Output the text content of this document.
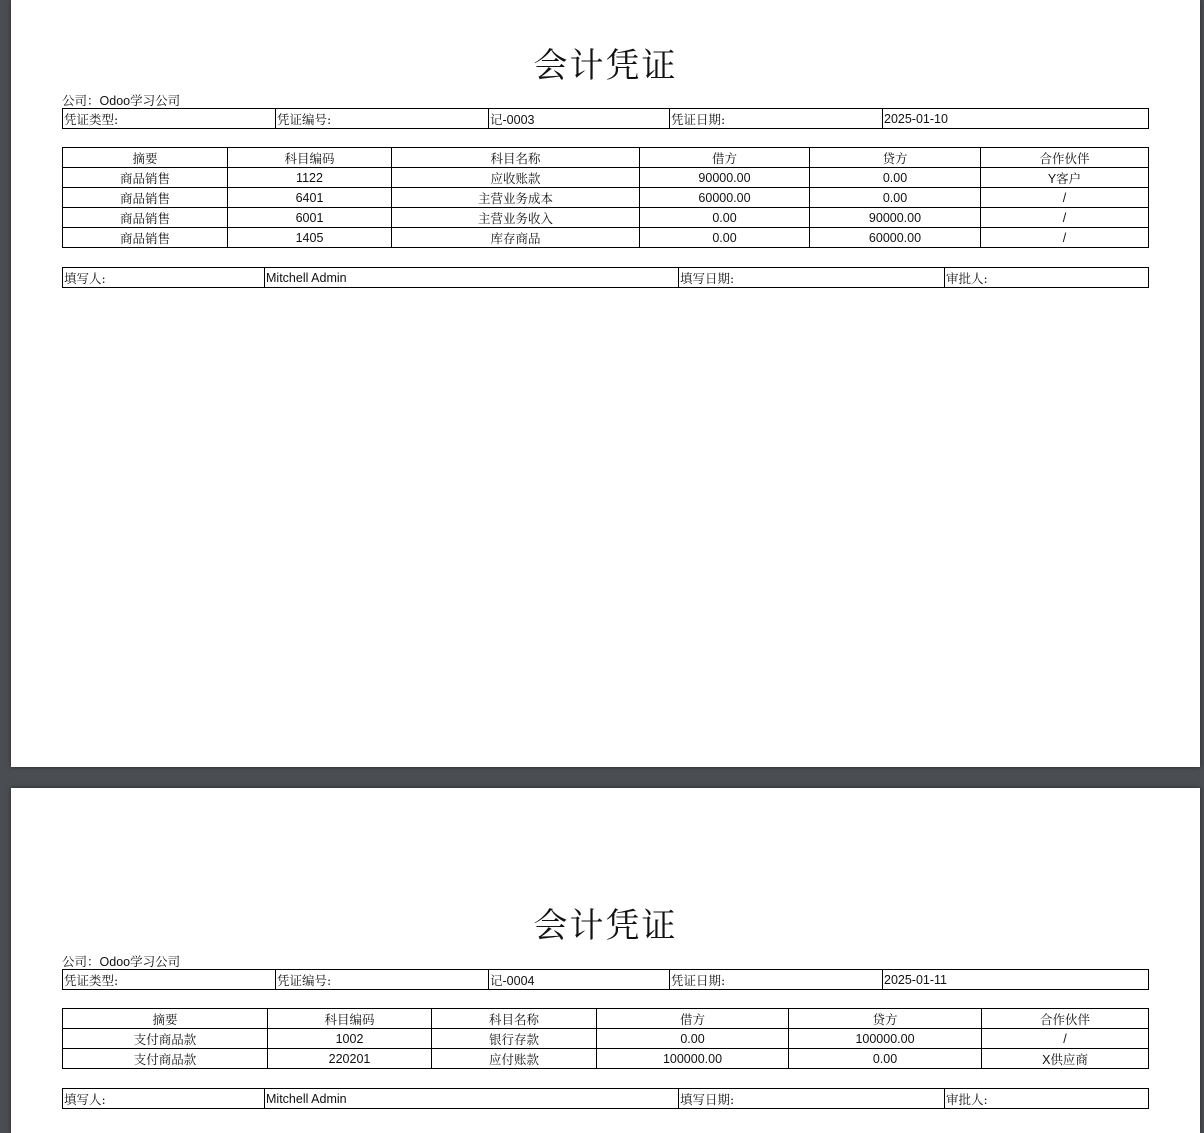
会计凭证
公司：Odoo学习公司
凭证类型:	凭证编号:	记-0003	凭证日期:	2025-01-10
摘要	科目编码	科目名称	借方	贷方	合作伙伴
商品销售	1122	应收账款	90000.00	0.00	Y客户
商品销售	6401	主营业务成本	60000.00	0.00	/
商品销售	6001	主营业务收入	0.00	90000.00	/
商品销售	1405	库存商品	0.00	60000.00	/
填写人:	Mitchell Admin	填写日期:	审批人:
会计凭证
公司：Odoo学习公司
凭证类型:	凭证编号:	记-0004	凭证日期:	2025-01-11
摘要	科目编码	科目名称	借方	贷方	合作伙伴
支付商品款	1002	银行存款	0.00	100000.00	/
支付商品款	220201	应付账款	100000.00	0.00	X供应商
填写人:	Mitchell Admin	填写日期:	审批人:
